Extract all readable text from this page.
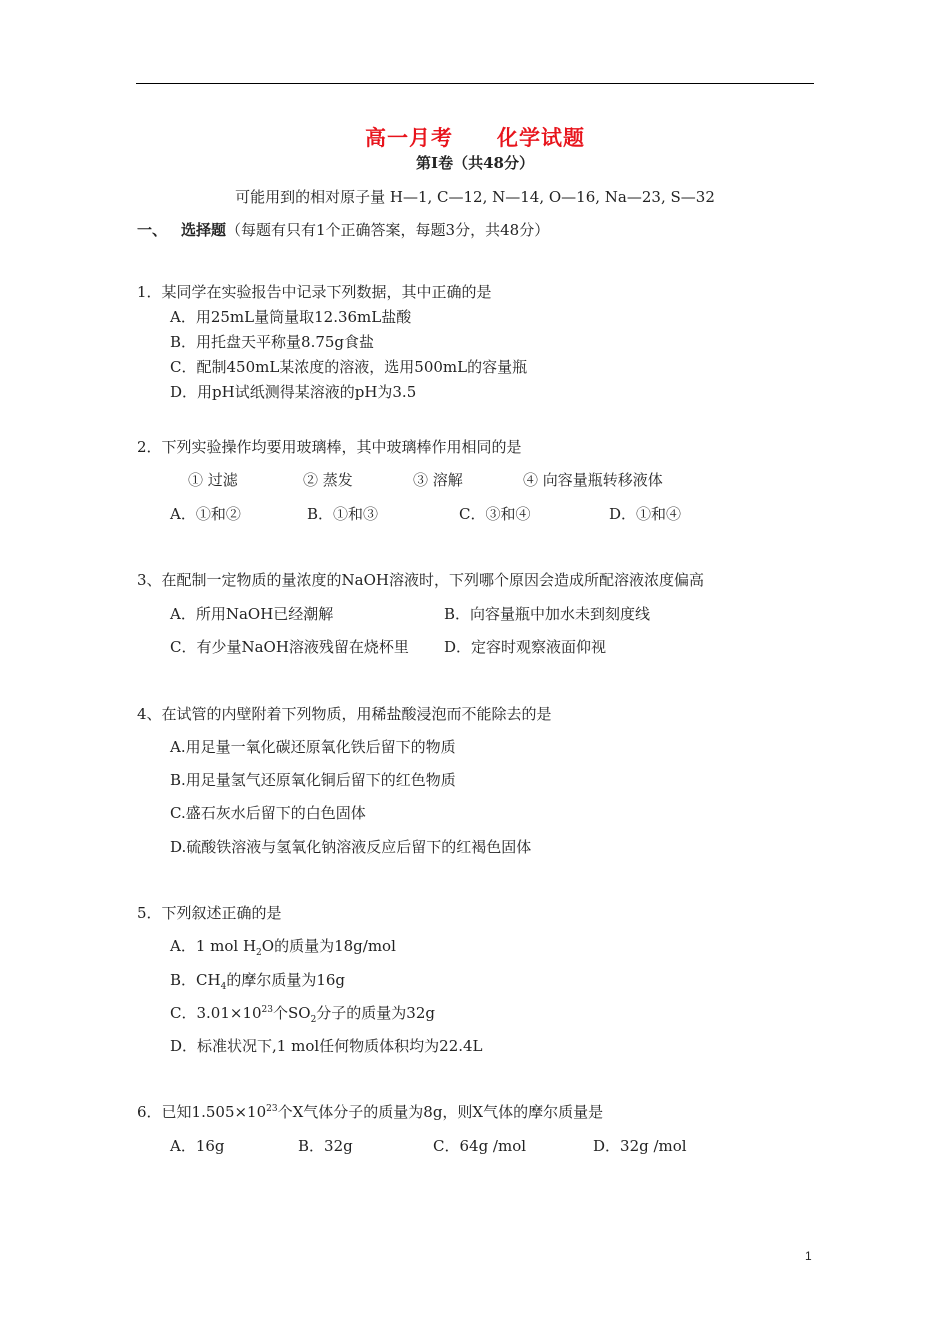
高一月考 化学试题
第Ⅰ卷（共48分）
可能用到的相对原子量 H—1, C—12, N—14, O—16, Na—23, S—32
一、 选择题（每题有只有1个正确答案，每题3分，共48分）
1．某同学在实验报告中记录下列数据，其中正确的是
A．用25mL量筒量取12.36mL盐酸
B．用托盘天平称量8.75g食盐
C．配制450mL某浓度的溶液，选用500mL的容量瓶
D．用pH试纸测得某溶液的pH为3.5
2．下列实验操作均要用玻璃棒，其中玻璃棒作用相同的是
① 过滤	② 蒸发	③ 溶解	④ 向容量瓶转移液体
A．①和②	B．①和③	C．③和④	D．①和④
3、在配制一定物质的量浓度的NaOH溶液时，下列哪个原因会造成所配溶液浓度偏高
A．所用NaOH已经潮解	B．向容量瓶中加水未到刻度线
C．有少量NaOH溶液残留在烧杯里 D．定容时观察液面仰视
4、在试管的内壁附着下列物质，用稀盐酸浸泡而不能除去的是
A.用足量一氧化碳还原氧化铁后留下的物质
B.用足量氢气还原氧化铜后留下的红色物质
C.盛石灰水后留下的白色固体
D.硫酸铁溶液与氢氧化钠溶液反应后留下的红褐色固体
5．下列叙述正确的是
A．1 mol $H_2O$的质量为18g/mol
B．$CH_4$的摩尔质量为16g
C．$3.01\times 10^{23}$个$SO_2$分子的质量为32g
D．标准状况下,1 mol任何物质体积均为22.4L
6．已知$1.505\times 10^{23}$个X气体分子的质量为8g，则X气体的摩尔质量是
A．16g	B．32g	C．64g /mol	D．32g /mol
1
